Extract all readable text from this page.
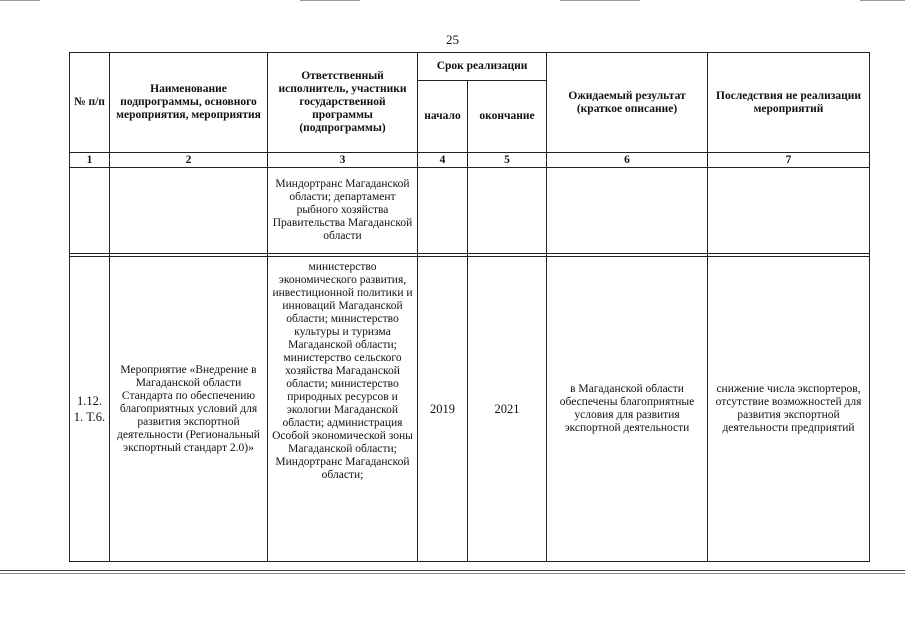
25
№ п/п	Наименование подпрограммы, основного мероприятия, мероприятия	Ответственный исполнитель, участники государственной программы (подпрограммы)	Срок реализации		Ожидаемый результат (краткое описание)	Последствия не реализации мероприятий
			начало	окончание		
1	2	3	4	5	6	7
		Миндортранс Магаданской области; департамент рыбного хозяйства Правительства Магаданской области				

1.12. 1. Т.6.	Мероприятие «Внедрение в Магаданской области Стандарта по обеспечению благоприятных условий для развития экспортной деятельности (Региональный экспортный стандарт 2.0)»	министерство экономического развития, инвестиционной политики и инноваций Магаданской области; министерство культуры и туризма Магаданской области; министерство сельского хозяйства Магаданской области; министерство природных ресурсов и экологии Магаданской области; администрация Особой экономической зоны Магаданской области; Миндортранс Магаданской области;	2019	2021	в Магаданской области обеспечены благоприятные условия для развития экспортной деятельности	снижение числа экспортеров, отсутствие возможностей для развития экспортной деятельности предприятий
